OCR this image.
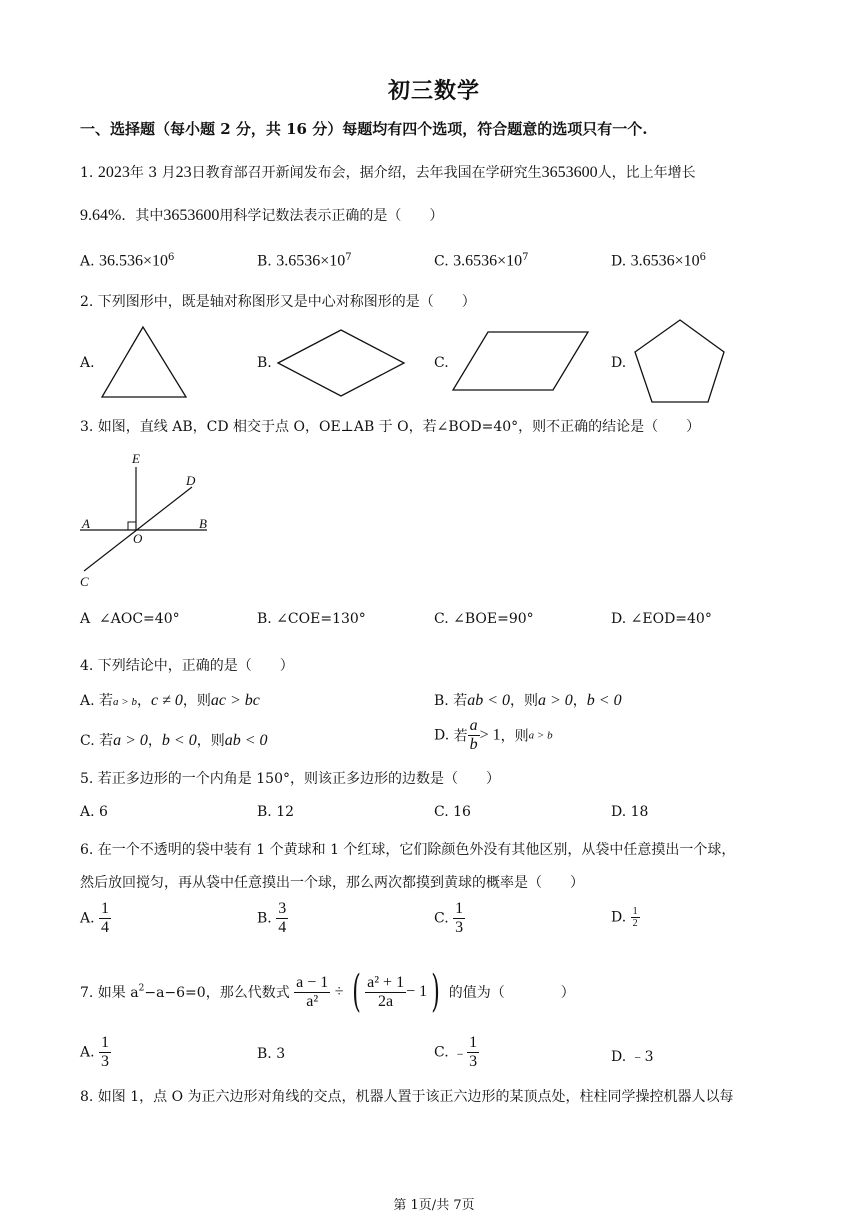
初三数学
一、选择题（每小题 2 分，共 16 分）每题均有四个选项，符合题意的选项只有一个.
1. 2023年 3 月23日教育部召开新闻发布会，据介绍，去年我国在学研究生3653600人，比上年增长
9.64%．其中3653600用科学记数法表示正确的是（　　）
A. $36.536\times 10^6$	B. $3.6536\times 10^7$	C. $3.6536\times 10^7$	D. $3.6536\times 10^6$
2. 下列图形中，既是轴对称图形又是中心对称图形的是（　　）
A.	B.	C.	D.
3. 如图，直线 AB，CD 相交于点 O，OE⊥AB 于 O，若∠BOD=40°，则不正确的结论是（　　）
E
D
A	B
O
C
A ∠AOC=40°	B. ∠COE=130°	C. ∠BOE=90°	D. ∠EOD=40°
4. 下列结论中，正确的是（　　）
A. 若a > b，c ≠ 0，则ac > bc	B. 若ab < 0，则a > 0，b < 0
C. 若a > 0，b < 0，则ab < 0	D. 若 $\frac{a}{b} > 1$，则a > b
5. 若正多边形的一个内角是 150°，则该正多边形的边数是（　　）
A. 6	B. 12	C. 16	D. 18
6. 在一个不透明的袋中装有 1 个黄球和 1 个红球，它们除颜色外没有其他区别，从袋中任意摸出一个球，
然后放回搅匀，再从袋中任意摸出一个球，那么两次都摸到黄球的概率是（　　）
A. $\frac{1}{4}$	B. $\frac{3}{4}$	C. $\frac{1}{3}$	D. $\frac{1}{2}$
7. 如果 $a^2-a-6=0$，那么代数式 $\frac{a - 1}{\text{a²}}$ ÷ ( $\frac{\text{a² + 1}}{2a} - 1$ ) 的值为（　　　　）
A. $\frac{1}{3}$	B. 3	C. ﹣ $\frac{1}{3}$	D. ﹣3
8. 如图 1，点 O 为正六边形对角线的交点，机器人置于该正六边形的某顶点处，柱柱同学操控机器人以每
第 1页/共 7页
